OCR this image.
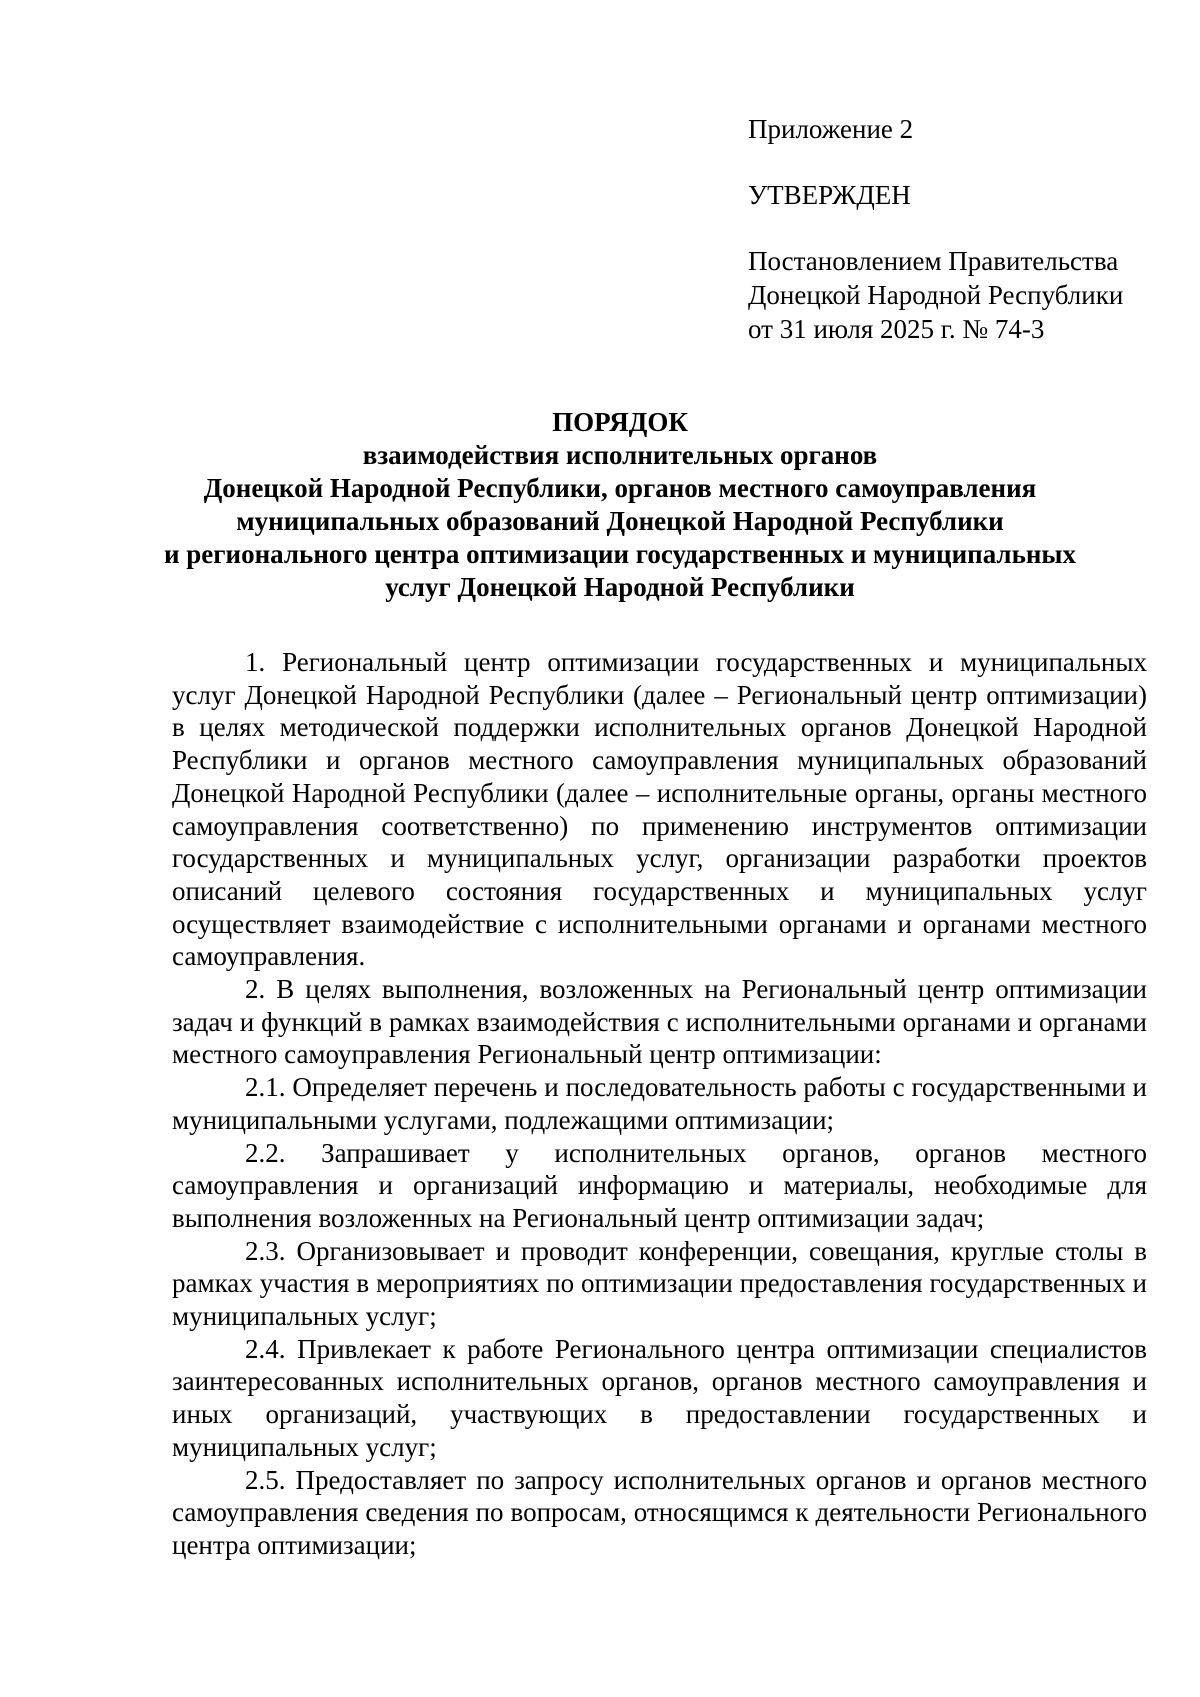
Приложение 2
УТВЕРЖДЕН
Постановлением Правительства
Донецкой Народной Республики
от 31 июля 2025 г. № 74-3
ПОРЯДОК
взаимодействия исполнительных органов
Донецкой Народной Республики, органов местного самоуправления
муниципальных образований Донецкой Народной Республики
и регионального центра оптимизации государственных и муниципальных
услуг Донецкой Народной Республики

1. Региональный центр оптимизации государственных и муниципальных услуг Донецкой Народной Республики (далее – Региональный центр оптимизации) в целях методической поддержки исполнительных органов Донецкой Народной Республики и органов местного самоуправления муниципальных образований Донецкой Народной Республики (далее – исполнительные органы, органы местного самоуправления соответственно) по применению инструментов оптимизации государственных и муниципальных услуг, организации разработки проектов описаний целевого состояния государственных и муниципальных услуг осуществляет взаимодействие с исполнительными органами и органами местного самоуправления.

2. В целях выполнения, возложенных на Региональный центр оптимизации задач и функций в рамках взаимодействия с исполнительными органами и органами местного самоуправления Региональный центр оптимизации:

2.1. Определяет перечень и последовательность работы с государственными и муниципальными услугами, подлежащими оптимизации;

2.2. Запрашивает у исполнительных органов, органов местного самоуправления и организаций информацию и материалы, необходимые для выполнения возложенных на Региональный центр оптимизации задач;

2.3. Организовывает и проводит конференции, совещания, круглые столы в рамках участия в мероприятиях по оптимизации предоставления государственных и муниципальных услуг;

2.4. Привлекает к работе Регионального центра оптимизации специалистов заинтересованных исполнительных органов, органов местного самоуправления и иных организаций, участвующих в предоставлении государственных и муниципальных услуг;

2.5. Предоставляет по запросу исполнительных органов и органов местного самоуправления сведения по вопросам, относящимся к деятельности Регионального центра оптимизации;
